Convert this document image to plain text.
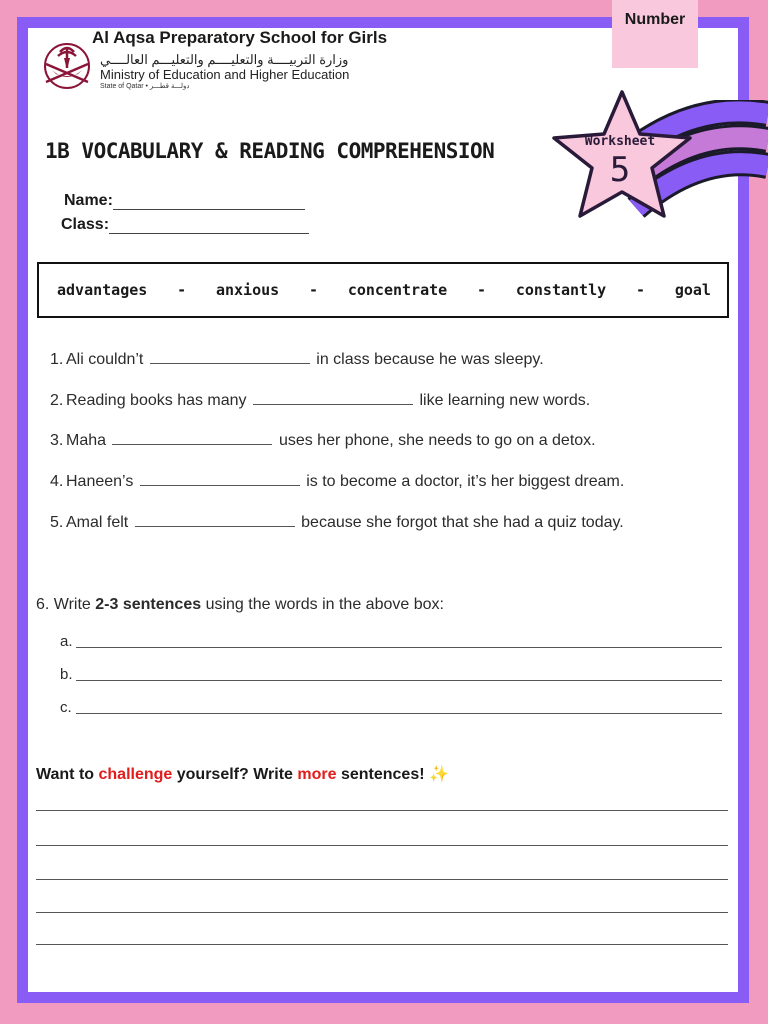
Number
Al Aqsa Preparatory School for Girls
وزارة التربيــــة والتعليــــم والتعليـــم العالــــي
Ministry of Education and Higher Education
State of Qatar • دولـــة قطـــر
1B VOCABULARY & READING COMPREHENSION	Worksheet
5
Name:
Class:
advantages - anxious - concentrate - constantly - goal
1. Ali couldn’t	in class because he was sleepy.
2. Reading books has many	like learning new words.
3. Maha	uses her phone, she needs to go on a detox.
4. Haneen’s	is to become a doctor, it’s her biggest dream.
5. Amal felt	because she forgot that she had a quiz today.
6. Write 2-3 sentences using the words in the above box:
a.
b.
c.
Want to challenge yourself? Write more sentences! ✨
